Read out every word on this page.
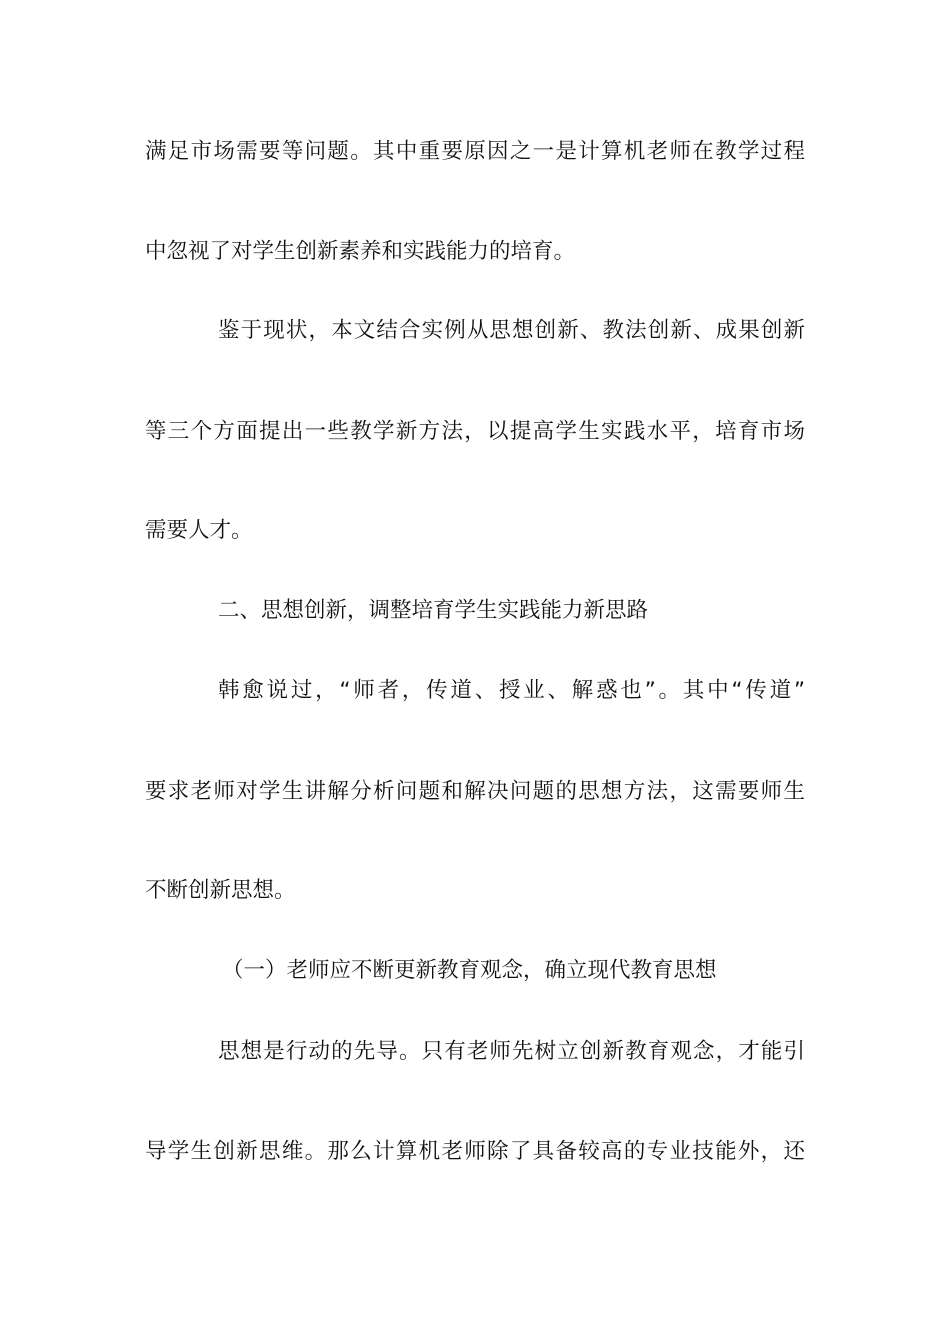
满足市场需要等问题。其中重要原因之一是计算机老师在教学过程
中忽视了对学生创新素养和实践能力的培育。
鉴于现状，本文结合实例从思想创新、教法创新、成果创新
等三个方面提出一些教学新方法，以提高学生实践水平，培育市场
需要人才。
二、思想创新，调整培育学生实践能力新思路
韩愈说过，“师者，传道、授业、解惑也”。其中“传道”
要求老师对学生讲解分析问题和解决问题的思想方法，这需要师生
不断创新思想。
（一）老师应不断更新教育观念，确立现代教育思想
思想是行动的先导。只有老师先树立创新教育观念，才能引
导学生创新思维。那么计算机老师除了具备较高的专业技能外，还
